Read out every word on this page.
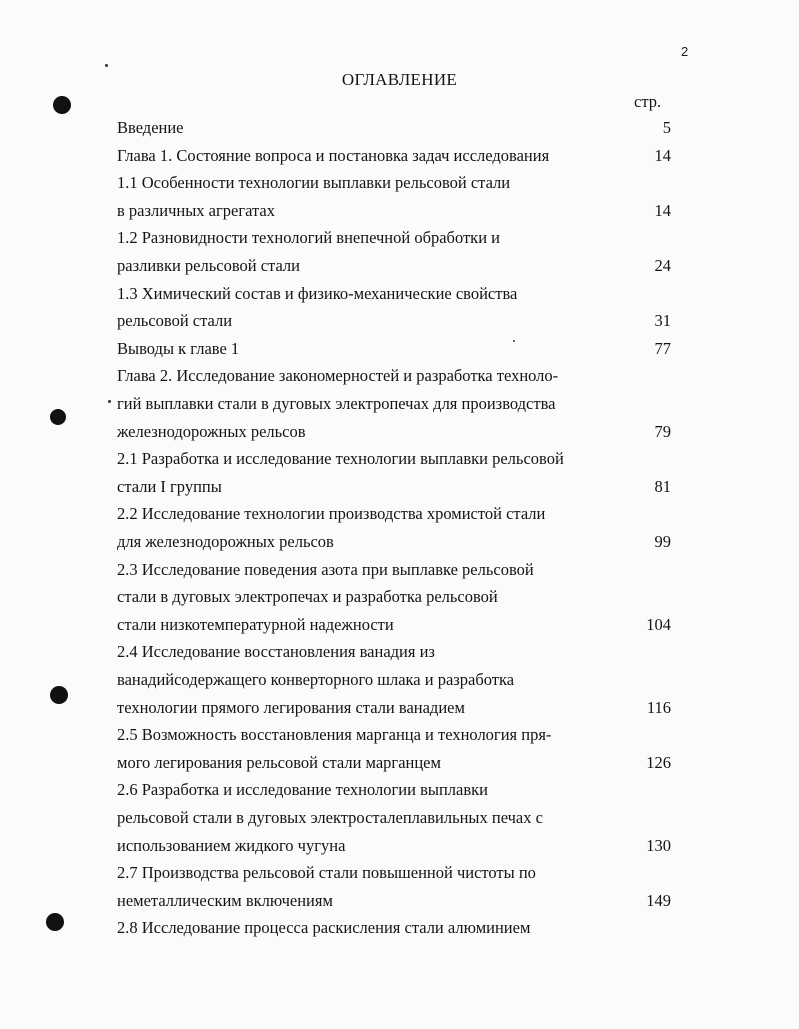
2
ОГЛАВЛЕНИЕ
стр.
Введение	5
Глава 1. Состояние вопроса и постановка задач исследования	14
1.1 Особенности технологии выплавки рельсовой стали
в различных агрегатах	14
1.2 Разновидности технологий внепечной обработки и
разливки рельсовой стали	24
1.3 Химический состав и физико-механические свойства
рельсовой стали	31
Выводы к главе 1	77
Глава 2. Исследование закономерностей и разработка техноло-
гий выплавки стали в дуговых электропечах для производства
железнодорожных рельсов	79
2.1 Разработка и исследование технологии выплавки рельсовой
стали I группы	81
2.2 Исследование технологии производства хромистой стали
для железнодорожных рельсов	99
2.3 Исследование поведения азота при выплавке рельсовой
стали в дуговых электропечах и разработка рельсовой
стали низкотемпературной надежности	104
2.4 Исследование восстановления ванадия из
ванадийсодержащего конверторного шлака и разработка
технологии прямого легирования стали ванадием	116
2.5 Возможность восстановления марганца и технология пря-
мого легирования рельсовой стали марганцем	126
2.6 Разработка и исследование технологии выплавки
рельсовой стали в дуговых электросталеплавильных печах с
использованием жидкого чугуна	130
2.7 Производства рельсовой стали повышенной чистоты по
неметаллическим включениям	149
2.8 Исследование процесса раскисления стали алюминием
